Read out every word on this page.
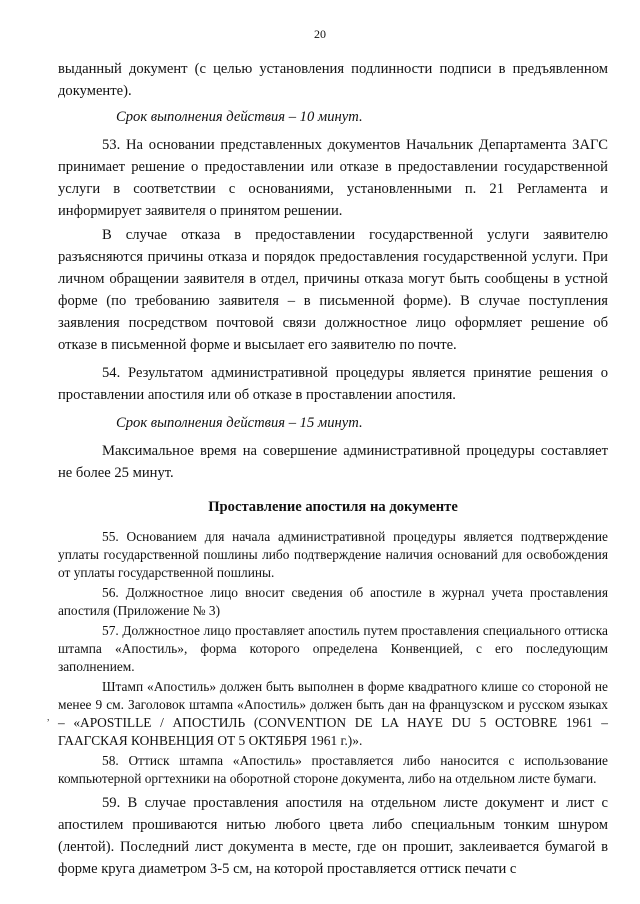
20
,

выданный документ (с целью установления подлинности подписи в предъявленном документе).

Срок выполнения действия – 10 минут.

53. На основании представленных документов Начальник Департамента ЗАГС принимает решение о предоставлении или отказе в предоставлении государственной услуги в соответствии с основаниями, установленными п. 21 Регламента и информирует заявителя о принятом решении.

В случае отказа в предоставлении государственной услуги заявителю разъясняются причины отказа и порядок предоставления государственной услуги. При личном обращении заявителя в отдел, причины отказа могут быть сообщены в устной форме (по требованию заявителя – в письменной форме). В случае поступления заявления посредством почтовой связи должностное лицо оформляет решение об отказе в письменной форме и высылает его заявителю по почте.

54. Результатом административной процедуры является принятие решения о проставлении апостиля или об отказе в проставлении апостиля.

Срок выполнения действия – 15 минут.

Максимальное время на совершение административной процедуры составляет не более 25 минут.

Проставление апостиля на документе

55. Основанием для начала административной процедуры является подтверждение уплаты государственной пошлины либо подтверждение наличия оснований для освобождения от уплаты государственной пошлины.

56. Должностное лицо вносит сведения об апостиле в журнал учета проставления апостиля (Приложение № 3)

57. Должностное лицо проставляет апостиль путем проставления специального оттиска штампа «Апостиль», форма которого определена Конвенцией, с его последующим заполнением.

Штамп «Апостиль» должен быть выполнен в форме квадратного клише со стороной не менее 9 см. Заголовок штампа «Апостиль» должен быть дан на французском и русском языках – «APOSTILLE / АПОСТИЛЬ (CONVENTION DE LA HAYE DU 5 OCTOBRE 1961 – ГААГСКАЯ КОНВЕНЦИЯ ОТ 5 ОКТЯБРЯ 1961 г.)».

58. Оттиск штампа «Апостиль» проставляется либо наносится с использование компьютерной оргтехники на оборотной стороне документа, либо на отдельном листе бумаги.

59. В случае проставления апостиля на отдельном листе документ и лист с апостилем прошиваются нитью любого цвета либо специальным тонким шнуром (лентой). Последний лист документа в месте, где он прошит, заклеивается бумагой в форме круга диаметром 3-5 см, на которой проставляется оттиск печати с
